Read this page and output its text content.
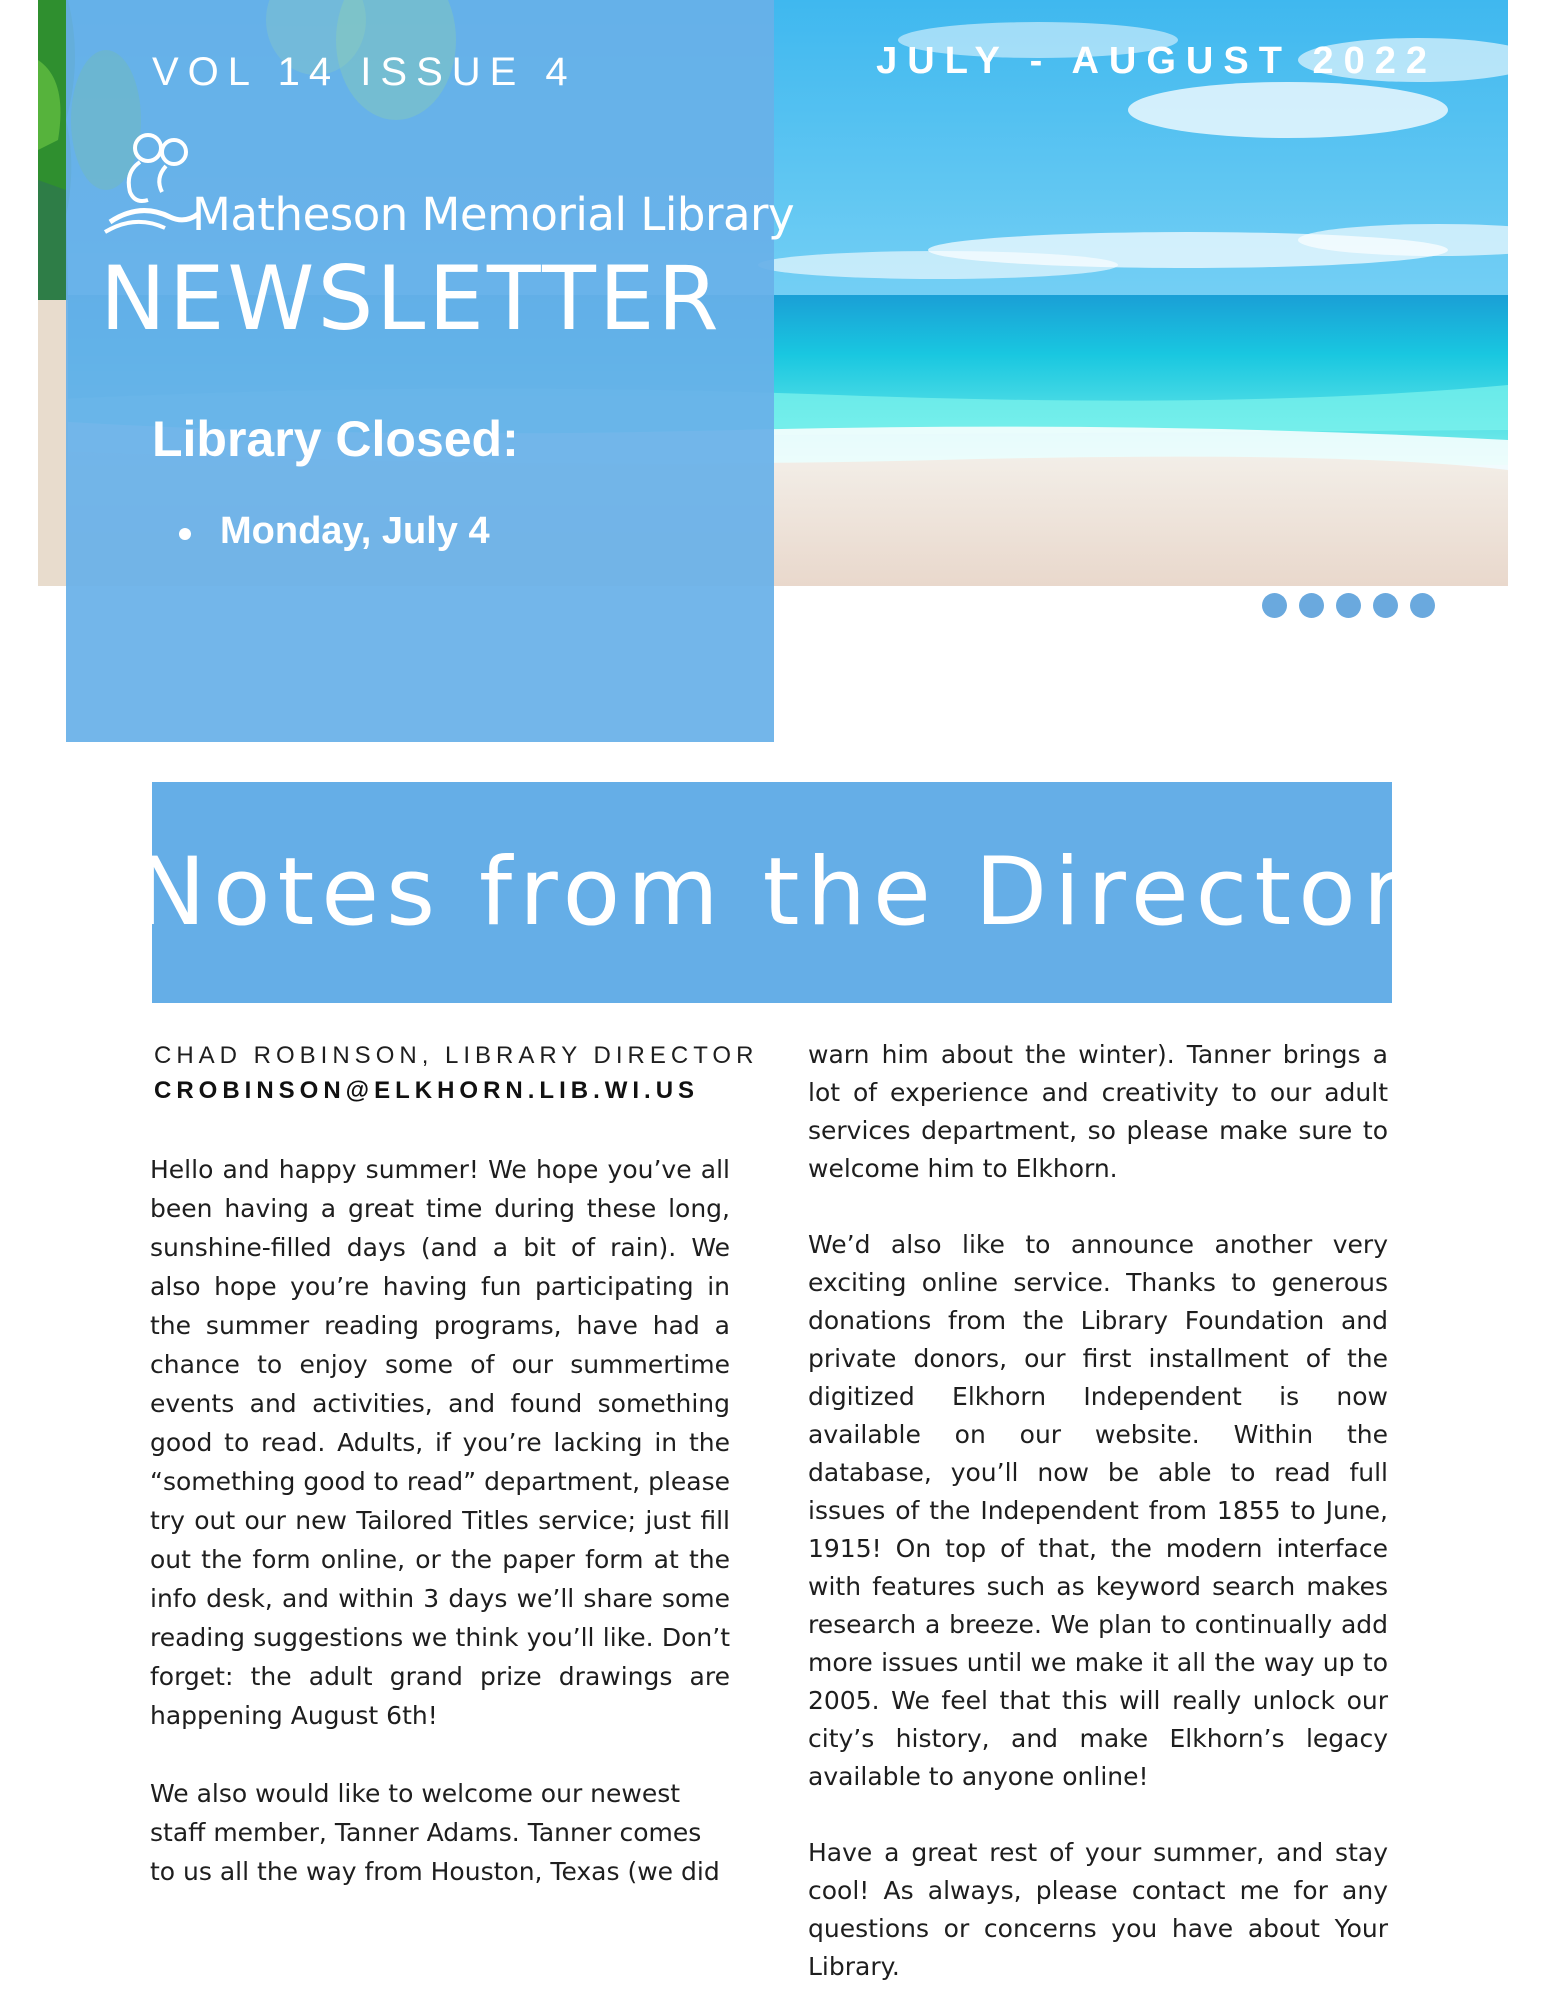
VOL 14 ISSUE 4	JULY - AUGUST 2022
Matheson Memorial Library
NEWSLETTER
Library Closed:
Monday, July 4
Notes from the Director
CHAD ROBINSON, LIBRARY DIRECTOR
CROBINSON@ELKHORN.LIB.WI.US

Hello and happy summer! We hope you’ve all been having a great time during these long, sunshine-filled days (and a bit of rain). We also hope you’re having fun participating in the summer reading programs, have had a chance to enjoy some of our summertime events and activities, and found something good to read. Adults, if you’re lacking in the “something good to read” department, please try out our new Tailored Titles service; just fill out the form online, or the paper form at the info desk, and within 3 days we’ll share some reading suggestions we think you’ll like. Don’t forget: the adult grand prize drawings are happening August 6th!

We also would like to welcome our newest staff member, Tanner Adams. Tanner comes to us all the way from Houston, Texas (we did

warn him about the winter). Tanner brings a lot of experience and creativity to our adult services department, so please make sure to welcome him to Elkhorn.

We’d also like to announce another very exciting online service. Thanks to generous donations from the Library Foundation and private donors, our first installment of the digitized Elkhorn Independent is now available on our website. Within the database, you’ll now be able to read full issues of the Independent from 1855 to June, 1915! On top of that, the modern interface with features such as keyword search makes research a breeze. We plan to continually add more issues until we make it all the way up to 2005. We feel that this will really unlock our city’s history, and make Elkhorn’s legacy available to anyone online!

Have a great rest of your summer, and stay cool! As always, please contact me for any questions or concerns you have about Your Library.
